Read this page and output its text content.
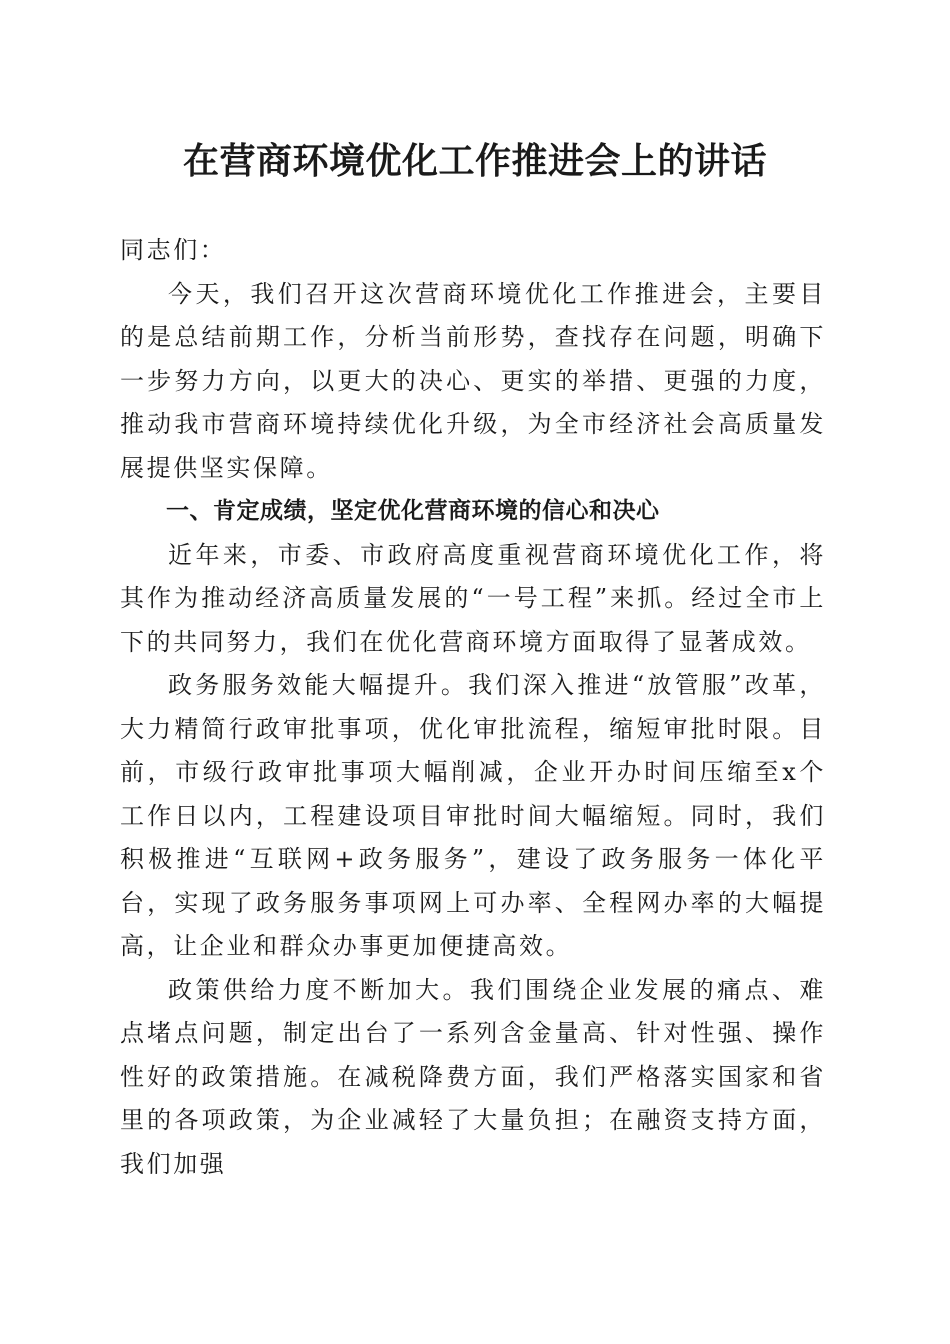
在营商环境优化工作推进会上的讲话

同志们：

今天，我们召开这次营商环境优化工作推进会，主要目的是总结前期工作，分析当前形势，查找存在问题，明确下一步努力方向，以更大的决心、更实的举措、更强的力度，推动我市营商环境持续优化升级，为全市经济社会高质量发展提供坚实保障。

一、肯定成绩，坚定优化营商环境的信心和决心

近年来，市委、市政府高度重视营商环境优化工作，将其作为推动经济高质量发展的“一号工程”来抓。经过全市上下的共同努力，我们在优化营商环境方面取得了显著成效。

政务服务效能大幅提升。我们深入推进“放管服”改革，大力精简行政审批事项，优化审批流程，缩短审批时限。目前，市级行政审批事项大幅削减，企业开办时间压缩至x个工作日以内，工程建设项目审批时间大幅缩短。同时，我们积极推进“互联网+政务服务”，建设了政务服务一体化平台，实现了政务服务事项网上可办率、全程网办率的大幅提高，让企业和群众办事更加便捷高效。

政策供给力度不断加大。我们围绕企业发展的痛点、难点堵点问题，制定出台了一系列含金量高、针对性强、操作性好的政策措施。在减税降费方面，我们严格落实国家和省里的各项政策，为企业减轻了大量负担；在融资支持方面，我们加强
